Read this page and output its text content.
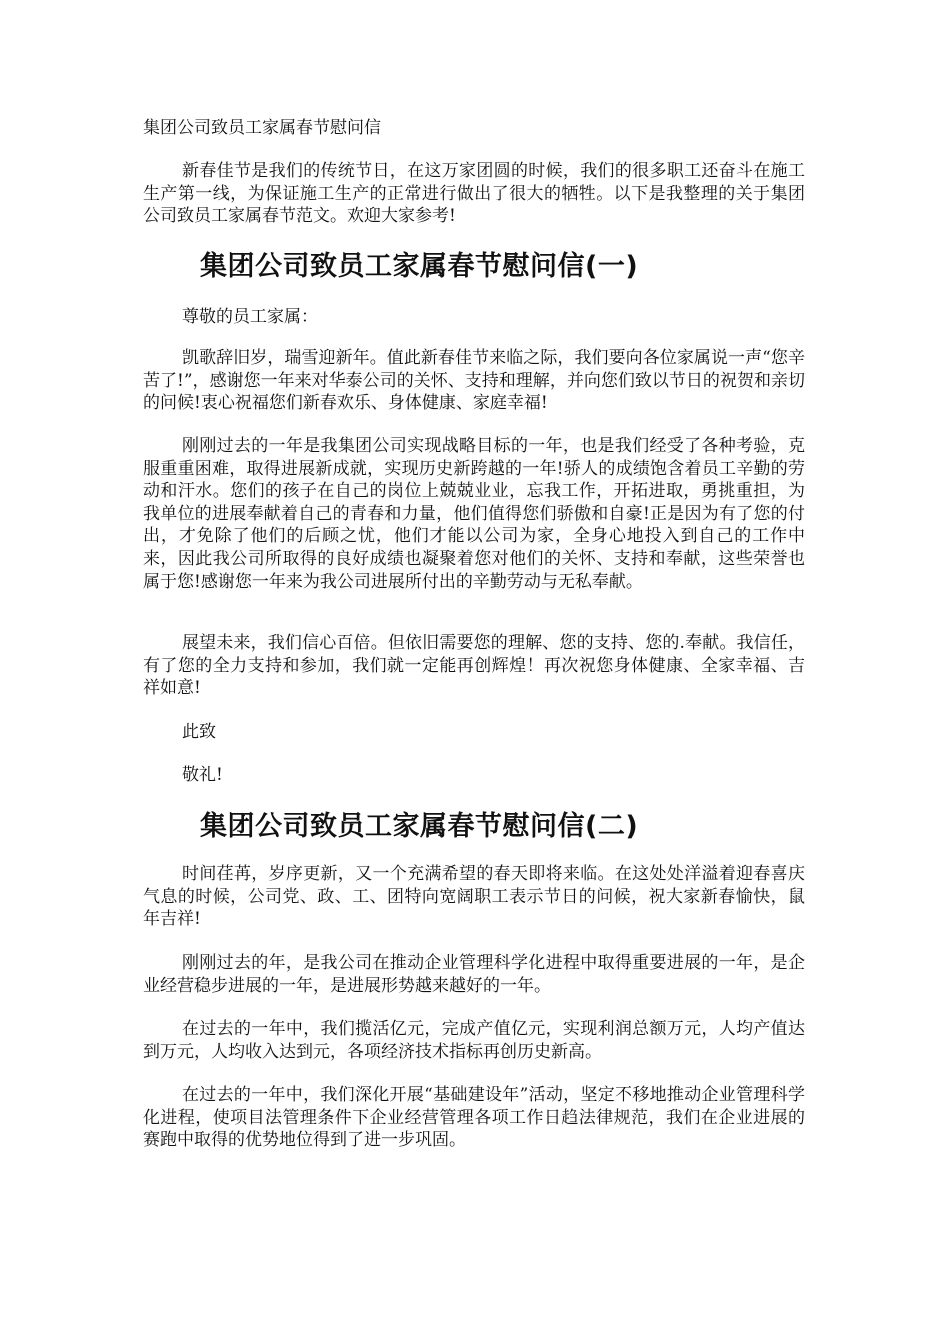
集团公司致员工家属春节慰问信

新春佳节是我们的传统节日，在这万家团圆的时候，我们的很多职工还奋斗在施工生产第一线，为保证施工生产的正常进行做出了很大的牺牲。以下是我整理的关于集团公司致员工家属春节范文。欢迎大家参考!

集团公司致员工家属春节慰问信(一)

尊敬的员工家属：

凯歌辞旧岁，瑞雪迎新年。值此新春佳节来临之际，我们要向各位家属说一声“您辛苦了!”，感谢您一年来对华泰公司的关怀、支持和理解，并向您们致以节日的祝贺和亲切的问候!衷心祝福您们新春欢乐、身体健康、家庭幸福!

刚刚过去的一年是我集团公司实现战略目标的一年，也是我们经受了各种考验，克服重重困难，取得进展新成就，实现历史新跨越的一年!骄人的成绩饱含着员工辛勤的劳动和汗水。您们的孩子在自己的岗位上兢兢业业，忘我工作，开拓进取，勇挑重担，为我单位的进展奉献着自己的青春和力量，他们值得您们骄傲和自豪!正是因为有了您的付出，才免除了他们的后顾之忧，他们才能以公司为家，全身心地投入到自己的工作中来，因此我公司所取得的良好成绩也凝聚着您对他们的关怀、支持和奉献，这些荣誉也属于您!感谢您一年来为我公司进展所付出的辛勤劳动与无私奉献。

展望未来，我们信心百倍。但依旧需要您的理解、您的支持、您的.奉献。我信任，有了您的全力支持和参加，我们就一定能再创辉煌！再次祝您身体健康、全家幸福、吉祥如意!

此致

敬礼!

集团公司致员工家属春节慰问信(二)

时间荏苒，岁序更新，又一个充满希望的春天即将来临。在这处处洋溢着迎春喜庆气息的时候，公司党、政、工、团特向宽阔职工表示节日的问候，祝大家新春愉快，鼠年吉祥!

刚刚过去的年，是我公司在推动企业管理科学化进程中取得重要进展的一年，是企业经营稳步进展的一年，是进展形势越来越好的一年。

在过去的一年中，我们揽活亿元，完成产值亿元，实现利润总额万元，人均产值达到万元，人均收入达到元，各项经济技术指标再创历史新高。

在过去的一年中，我们深化开展“基础建设年”活动，坚定不移地推动企业管理科学化进程，使项目法管理条件下企业经营管理各项工作日趋法律规范，我们在企业进展的赛跑中取得的优势地位得到了进一步巩固。
